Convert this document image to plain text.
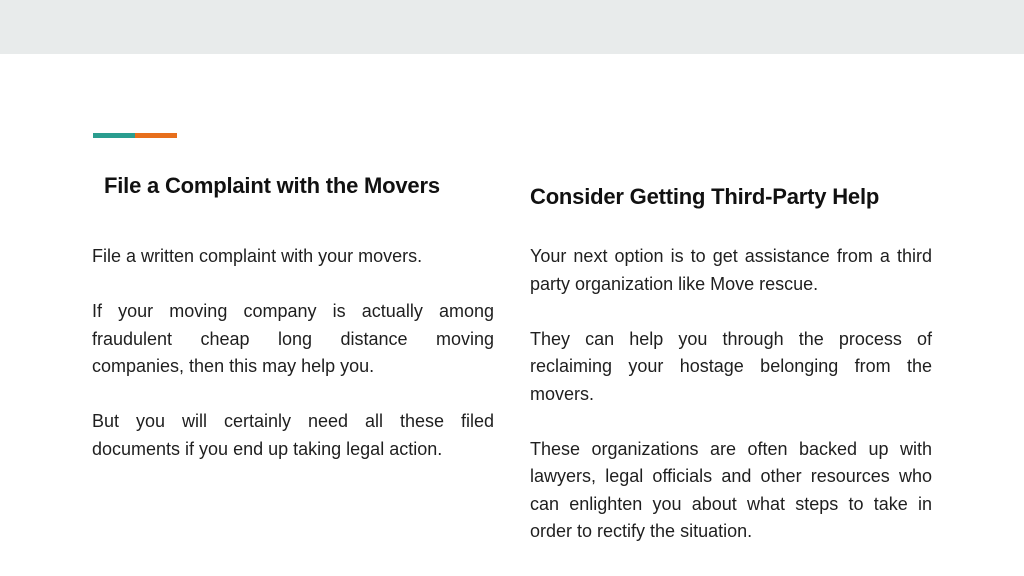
File a Complaint with the Movers	Consider Getting Third-Party Help

File a written complaint with your movers.

If your moving company is actually among fraudulent cheap long distance moving companies, then this may help you.

But you will certainly need all these filed documents if you end up taking legal action.

Your next option is to get assistance from a third party organization like Move rescue.

They can help you through the process of reclaiming your hostage belonging from the movers.

These organizations are often backed up with lawyers, legal officials and other resources who can enlighten you about what steps to take in order to rectify the situation.
